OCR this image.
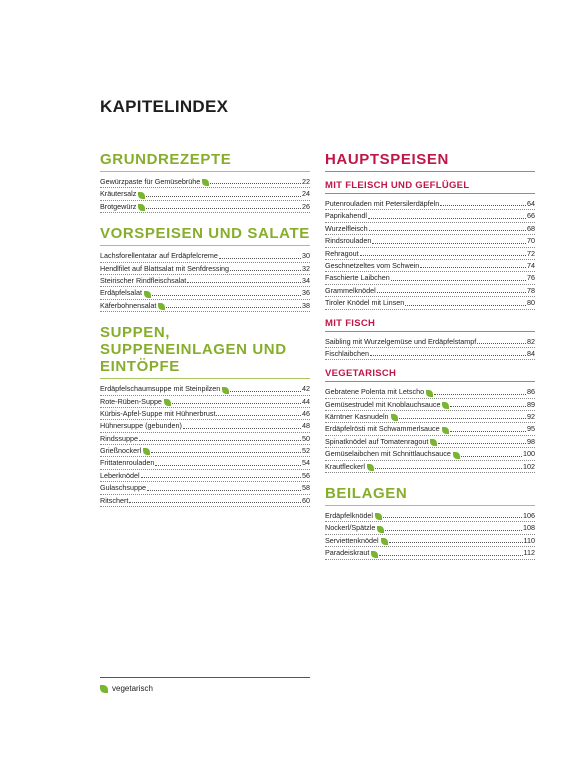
KAPITELINDEX
GRUNDREZEPTE
Gewürzpaste für Gemüsebrühe	22
Kräutersalz	24
Brotgewürz	26
VORSPEISEN UND SALATE
Lachsforellentatar auf Erdäpfelcreme	30
Hendlfilet auf Blattsalat mit Senfdressing	32
Steirischer Rindfleischsalat	34
Erdäpfelsalat	36
Käferbohnensalat	38
SUPPEN, SUPPENEINLAGEN UND EINTÖPFE
Erdäpfelschaumsuppe mit Steinpilzen	42
Rote-Rüben-Suppe	44
Kürbis-Apfel-Suppe mit Hühnerbrust	46
Hühnersuppe (gebunden)	48
Rindssuppe	50
Grießnockerl	52
Frittatenrouladen	54
Leberknödel	56
Gulaschsuppe	58
Ritschert	60
HAUPTSPEISEN
MIT FLEISCH UND GEFLÜGEL
Putenrouladen mit Petersilerdäpfeln	64
Paprikahendl	66
Wurzelfleisch	68
Rindsrouladen	70
Rehragout	72
Geschnetzeltes vom Schwein	74
Faschierte Laibchen	76
Grammelknödel	78
Tiroler Knödel mit Linsen	80
MIT FISCH
Saibling mit Wurzelgemüse und Erdäpfelstampf	82
Fischlaibchen	84
VEGETARISCH
Gebratene Polenta mit Letscho	86
Gemüsestrudel mit Knoblauchsauce	89
Kärntner Kasnudeln	92
Erdäpfelrösti mit Schwammerlsauce	95
Spinatknödel auf Tomatenragout	98
Gemüselaibchen mit Schnittlauchsauce	100
Krautfleckerl	102
BEILAGEN
Erdäpfelknödel	106
Nockerl/Spätzle	108
Serviettenknödel	110
Paradeiskraut	112
vegetarisch
